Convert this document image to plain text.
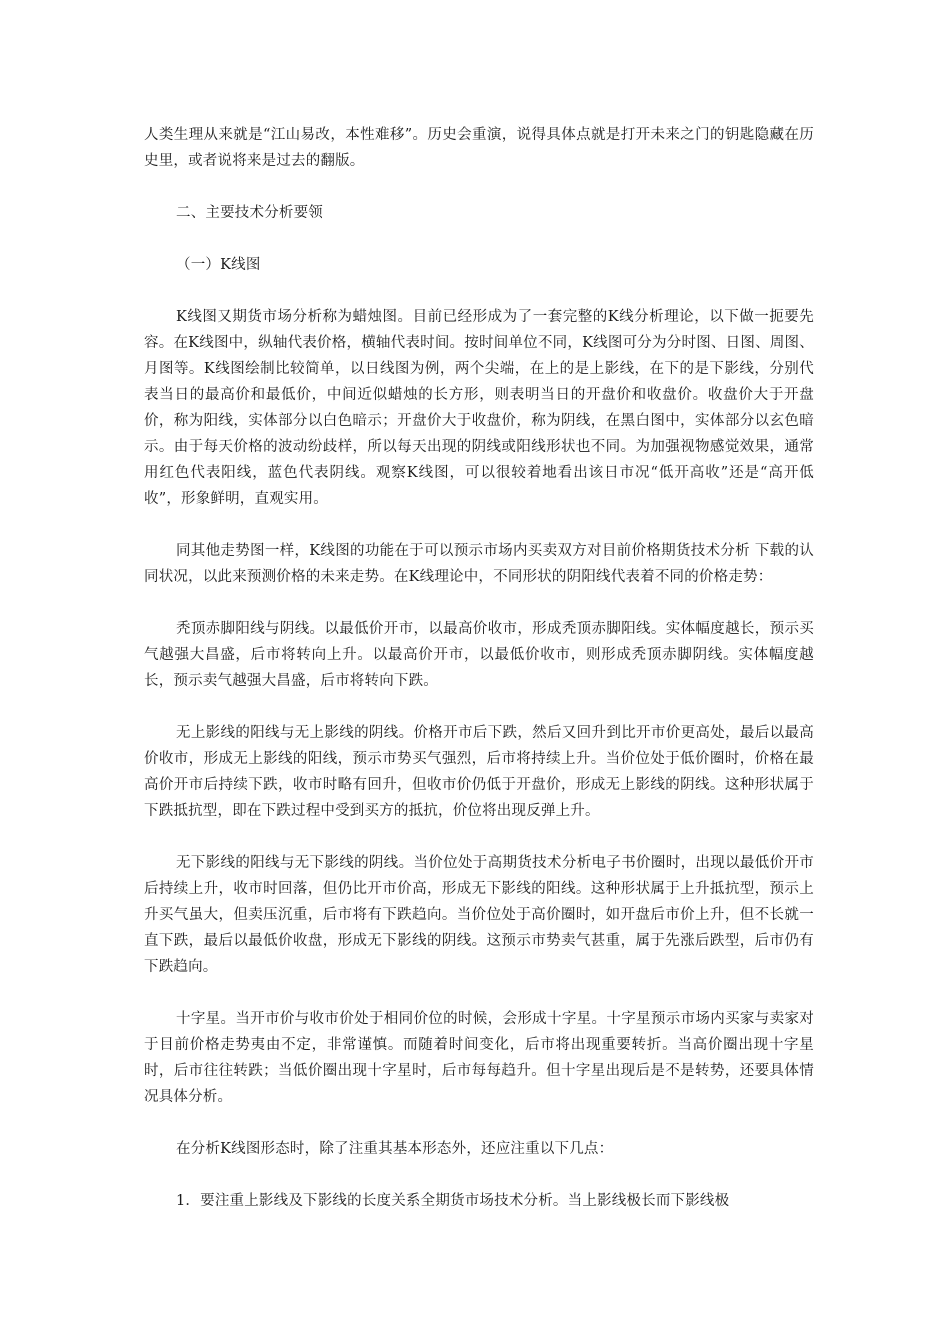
人类生理从来就是“江山易改，本性难移”。历史会重演，说得具体点就是打开未来之门的钥匙隐藏在历史里，或者说将来是过去的翻版。

二、主要技术分析要领

（一）K线图

K线图又期货市场分析称为蜡烛图。目前已经形成为了一套完整的K线分析理论，以下做一扼要先容。在K线图中，纵轴代表价格，横轴代表时间。按时间单位不同，K线图可分为分时图、日图、周图、月图等。K线图绘制比较简单，以日线图为例，两个尖端，在上的是上影线，在下的是下影线，分别代表当日的最高价和最低价，中间近似蜡烛的长方形，则表明当日的开盘价和收盘价。收盘价大于开盘价，称为阳线，实体部分以白色暗示；开盘价大于收盘价，称为阴线，在黑白图中，实体部分以玄色暗示。由于每天价格的波动纷歧样，所以每天出现的阴线或阳线形状也不同。为加强视物感觉效果，通常用红色代表阳线，蓝色代表阴线。观察K线图，可以很较着地看出该日市况“低开高收”还是“高开低收”，形象鲜明，直观实用。

同其他走势图一样，K线图的功能在于可以预示市场内买卖双方对目前价格期货技术分析 下载的认同状况，以此来预测价格的未来走势。在K线理论中，不同形状的阴阳线代表着不同的价格走势：

秃顶赤脚阳线与阴线。以最低价开市，以最高价收市，形成秃顶赤脚阳线。实体幅度越长，预示买气越强大昌盛，后市将转向上升。以最高价开市，以最低价收市，则形成秃顶赤脚阴线。实体幅度越长，预示卖气越强大昌盛，后市将转向下跌。

无上影线的阳线与无上影线的阴线。价格开市后下跌，然后又回升到比开市价更高处，最后以最高价收市，形成无上影线的阳线，预示市势买气强烈，后市将持续上升。当价位处于低价圈时，价格在最高价开市后持续下跌，收市时略有回升，但收市价仍低于开盘价，形成无上影线的阴线。这种形状属于下跌抵抗型，即在下跌过程中受到买方的抵抗，价位将出现反弹上升。

无下影线的阳线与无下影线的阴线。当价位处于高期货技术分析电子书价圈时，出现以最低价开市后持续上升，收市时回落，但仍比开市价高，形成无下影线的阳线。这种形状属于上升抵抗型，预示上升买气虽大，但卖压沉重，后市将有下跌趋向。当价位处于高价圈时，如开盘后市价上升，但不长就一直下跌，最后以最低价收盘，形成无下影线的阴线。这预示市势卖气甚重，属于先涨后跌型，后市仍有下跌趋向。

十字星。当开市价与收市价处于相同价位的时候，会形成十字星。十字星预示市场内买家与卖家对于目前价格走势夷由不定，非常谨慎。而随着时间变化，后市将出现重要转折。当高价圈出现十字星时，后市往往转跌；当低价圈出现十字星时，后市每每趋升。但十字星出现后是不是转势，还要具体情况具体分析。

在分析K线图形态时，除了注重其基本形态外，还应注重以下几点：

1．要注重上影线及下影线的长度关系全期货市场技术分析。当上影线极长而下影线极
